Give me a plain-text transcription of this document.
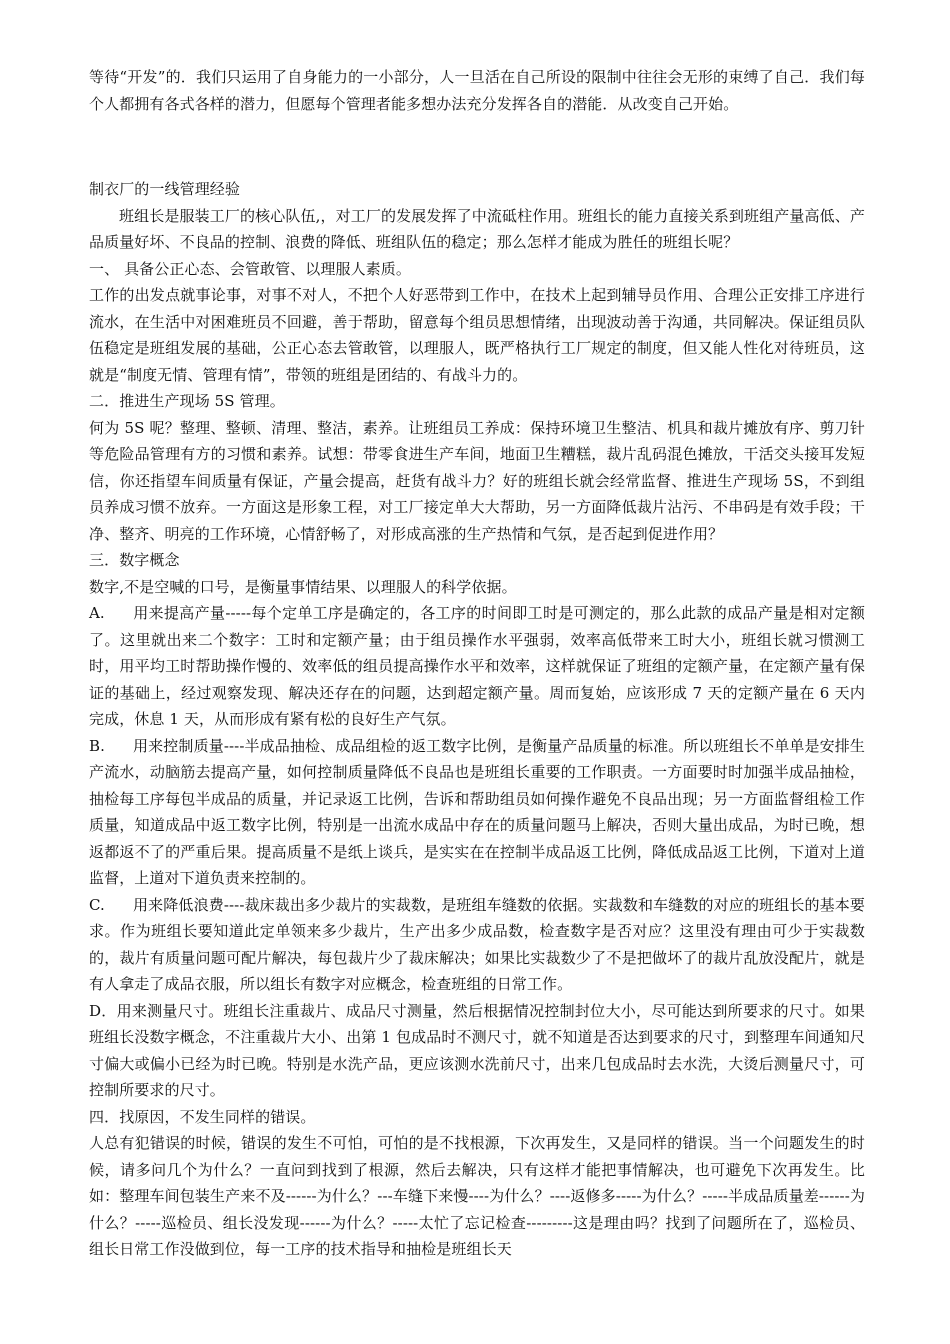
等待“开发”的．我们只运用了自身能力的一小部分，人一旦活在自己所设的限制中往往会无形的束缚了自己．我们每个人都拥有各式各样的潜力，但愿每个管理者能多想办法充分发挥各自的潜能．从改变自己开始。

制衣厂的一线管理经验

班组长是服装工厂的核心队伍,，对工厂的发展发挥了中流砥柱作用。班组长的能力直接关系到班组产量高低、产品质量好坏、不良品的控制、浪费的降低、班组队伍的稳定；那么怎样才能成为胜任的班组长呢？

一、 具备公正心态、会管敢管、以理服人素质。

工作的出发点就事论事，对事不对人，不把个人好恶带到工作中，在技术上起到辅导员作用、合理公正安排工序进行流水，在生活中对困难班员不回避，善于帮助，留意每个组员思想情绪，出现波动善于沟通，共同解决。保证组员队伍稳定是班组发展的基础，公正心态去管敢管，以理服人，既严格执行工厂规定的制度，但又能人性化对待班员，这就是“制度无情、管理有情”，带领的班组是团结的、有战斗力的。

二．推进生产现场 5S 管理。

何为 5S 呢？整理、整顿、清理、整洁，素养。让班组员工养成：保持环境卫生整洁、机具和裁片摊放有序、剪刀针等危险品管理有方的习惯和素养。试想：带零食进生产车间，地面卫生糟糕，裁片乱码混色摊放，干活交头接耳发短信，你还指望车间质量有保证，产量会提高，赶货有战斗力？好的班组长就会经常监督、推进生产现场 5S，不到组员养成习惯不放弃。一方面这是形象工程，对工厂接定单大大帮助，另一方面降低裁片沾污、不串码是有效手段；干净、整齐、明亮的工作环境，心情舒畅了，对形成高涨的生产热情和气氛，是否起到促进作用？

三．数字概念

数字,不是空喊的口号，是衡量事情结果、以理服人的科学依据。

A. 用来提高产量-----每个定单工序是确定的，各工序的时间即工时是可测定的，那么此款的成品产量是相对定额了。这里就出来二个数字：工时和定额产量；由于组员操作水平强弱，效率高低带来工时大小，班组长就习惯测工时，用平均工时帮助操作慢的、效率低的组员提高操作水平和效率，这样就保证了班组的定额产量，在定额产量有保证的基础上，经过观察发现、解决还存在的问题，达到超定额产量。周而复始，应该形成 7 天的定额产量在 6 天内完成，休息 1 天，从而形成有紧有松的良好生产气氛。

B. 用来控制质量----半成品抽检、成品组检的返工数字比例，是衡量产品质量的标准。所以班组长不单单是安排生产流水，动脑筋去提高产量，如何控制质量降低不良品也是班组长重要的工作职责。一方面要时时加强半成品抽检，抽检每工序每包半成品的质量，并记录返工比例，告诉和帮助组员如何操作避免不良品出现；另一方面监督组检工作质量，知道成品中返工数字比例，特别是一出流水成品中存在的质量问题马上解决，否则大量出成品，为时已晚，想返都返不了的严重后果。提高质量不是纸上谈兵，是实实在在控制半成品返工比例，降低成品返工比例，下道对上道监督，上道对下道负责来控制的。

C. 用来降低浪费----裁床裁出多少裁片的实裁数，是班组车缝数的依据。实裁数和车缝数的对应的班组长的基本要求。作为班组长要知道此定单领来多少裁片，生产出多少成品数，检查数字是否对应？这里没有理由可少于实裁数的，裁片有质量问题可配片解决，每包裁片少了裁床解决；如果比实裁数少了不是把做坏了的裁片乱放没配片，就是有人拿走了成品衣服，所以组长有数字对应概念，检查班组的日常工作。

D．用来测量尺寸。班组长注重裁片、成品尺寸测量，然后根据情况控制封位大小，尽可能达到所要求的尺寸。如果班组长没数字概念，不注重裁片大小、出第 1 包成品时不测尺寸，就不知道是否达到要求的尺寸，到整理车间通知尺寸偏大或偏小已经为时已晚。特别是水洗产品，更应该测水洗前尺寸，出来几包成品时去水洗，大烫后测量尺寸，可控制所要求的尺寸。

四．找原因，不发生同样的错误。

人总有犯错误的时候，错误的发生不可怕，可怕的是不找根源，下次再发生，又是同样的错误。当一个问题发生的时候，请多问几个为什么？一直问到找到了根源，然后去解决，只有这样才能把事情解决，也可避免下次再发生。比如：整理车间包装生产来不及------为什么？---车缝下来慢----为什么？----返修多-----为什么？-----半成品质量差------为什么？-----巡检员、组长没发现------为什么？-----太忙了忘记检查---------这是理由吗？找到了问题所在了，巡检员、组长日常工作没做到位，每一工序的技术指导和抽检是班组长天
